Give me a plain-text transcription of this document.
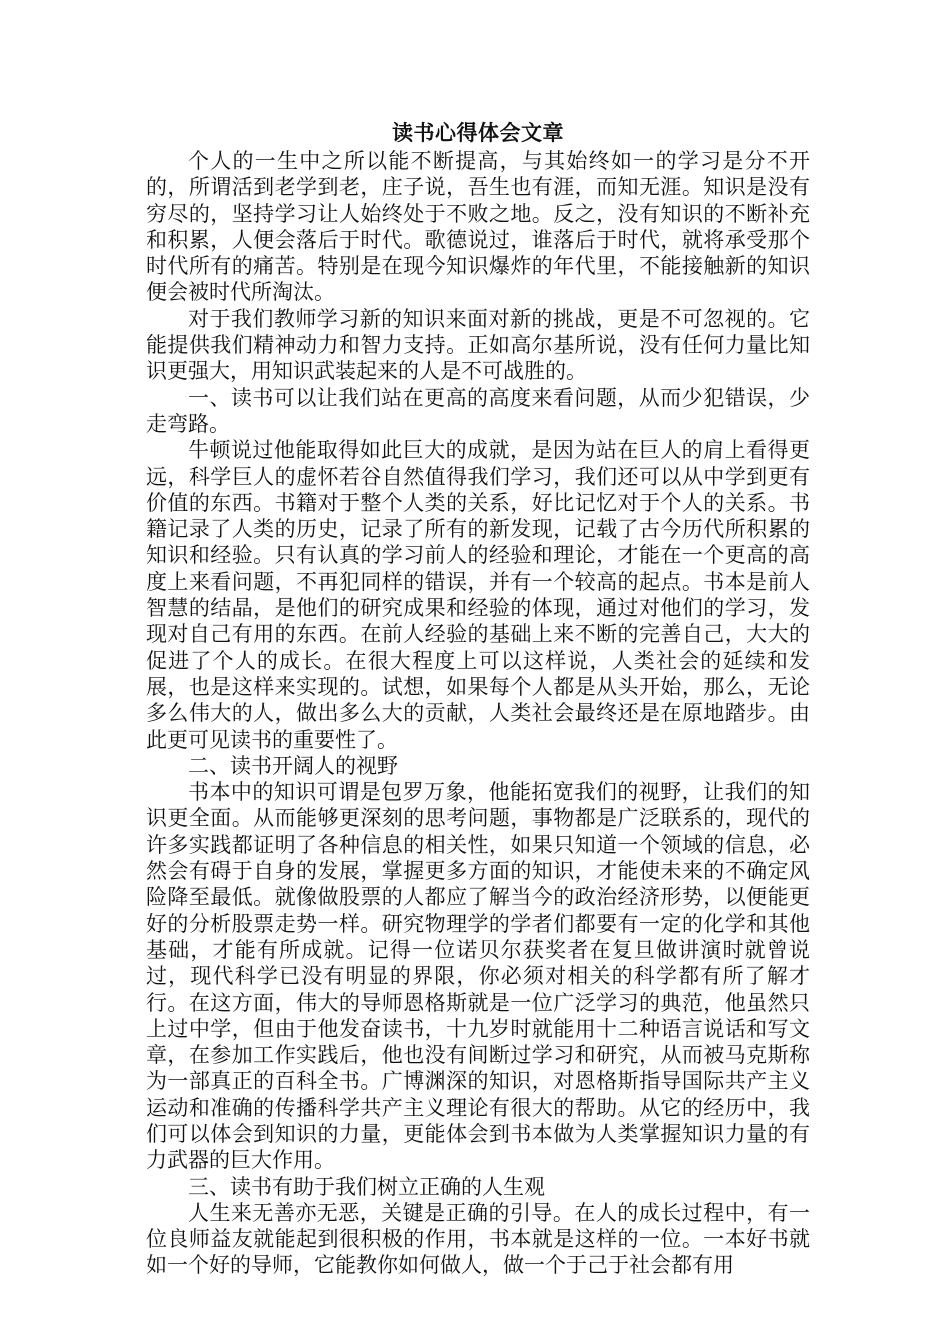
读书心得体会文章

个人的一生中之所以能不断提高，与其始终如一的学习是分不开的，所谓活到老学到老，庄子说，吾生也有涯，而知无涯。知识是没有穷尽的，坚持学习让人始终处于不败之地。反之，没有知识的不断补充和积累，人便会落后于时代。歌德说过，谁落后于时代，就将承受那个时代所有的痛苦。特别是在现今知识爆炸的年代里，不能接触新的知识便会被时代所淘汰。

对于我们教师学习新的知识来面对新的挑战，更是不可忽视的。它能提供我们精神动力和智力支持。正如高尔基所说，没有任何力量比知识更强大，用知识武装起来的人是不可战胜的。

一、读书可以让我们站在更高的高度来看问题，从而少犯错误，少走弯路。

牛顿说过他能取得如此巨大的成就，是因为站在巨人的肩上看得更远，科学巨人的虚怀若谷自然值得我们学习，我们还可以从中学到更有价值的东西。书籍对于整个人类的关系，好比记忆对于个人的关系。书籍记录了人类的历史，记录了所有的新发现，记载了古今历代所积累的知识和经验。只有认真的学习前人的经验和理论，才能在一个更高的高度上来看问题，不再犯同样的错误，并有一个较高的起点。书本是前人智慧的结晶，是他们的研究成果和经验的体现，通过对他们的学习，发现对自己有用的东西。在前人经验的基础上来不断的完善自己，大大的促进了个人的成长。在很大程度上可以这样说，人类社会的延续和发展，也是这样来实现的。试想，如果每个人都是从头开始，那么，无论多么伟大的人，做出多么大的贡献，人类社会最终还是在原地踏步。由此更可见读书的重要性了。

二、读书开阔人的视野

书本中的知识可谓是包罗万象，他能拓宽我们的视野，让我们的知识更全面。从而能够更深刻的思考问题，事物都是广泛联系的，现代的许多实践都证明了各种信息的相关性，如果只知道一个领域的信息，必然会有碍于自身的发展，掌握更多方面的知识，才能使未来的不确定风险降至最低。就像做股票的人都应了解当今的政治经济形势，以便能更好的分析股票走势一样。研究物理学的学者们都要有一定的化学和其他基础，才能有所成就。记得一位诺贝尔获奖者在复旦做讲演时就曾说过，现代科学已没有明显的界限，你必须对相关的科学都有所了解才行。在这方面，伟大的导师恩格斯就是一位广泛学习的典范，他虽然只上过中学，但由于他发奋读书，十九岁时就能用十二种语言说话和写文章，在参加工作实践后，他也没有间断过学习和研究，从而被马克斯称为一部真正的百科全书。广博渊深的知识，对恩格斯指导国际共产主义运动和准确的传播科学共产主义理论有很大的帮助。从它的经历中，我们可以体会到知识的力量，更能体会到书本做为人类掌握知识力量的有力武器的巨大作用。

三、读书有助于我们树立正确的人生观

人生来无善亦无恶，关键是正确的引导。在人的成长过程中，有一位良师益友就能起到很积极的作用，书本就是这样的一位。一本好书就如一个好的导师，它能教你如何做人，做一个于己于社会都有用
